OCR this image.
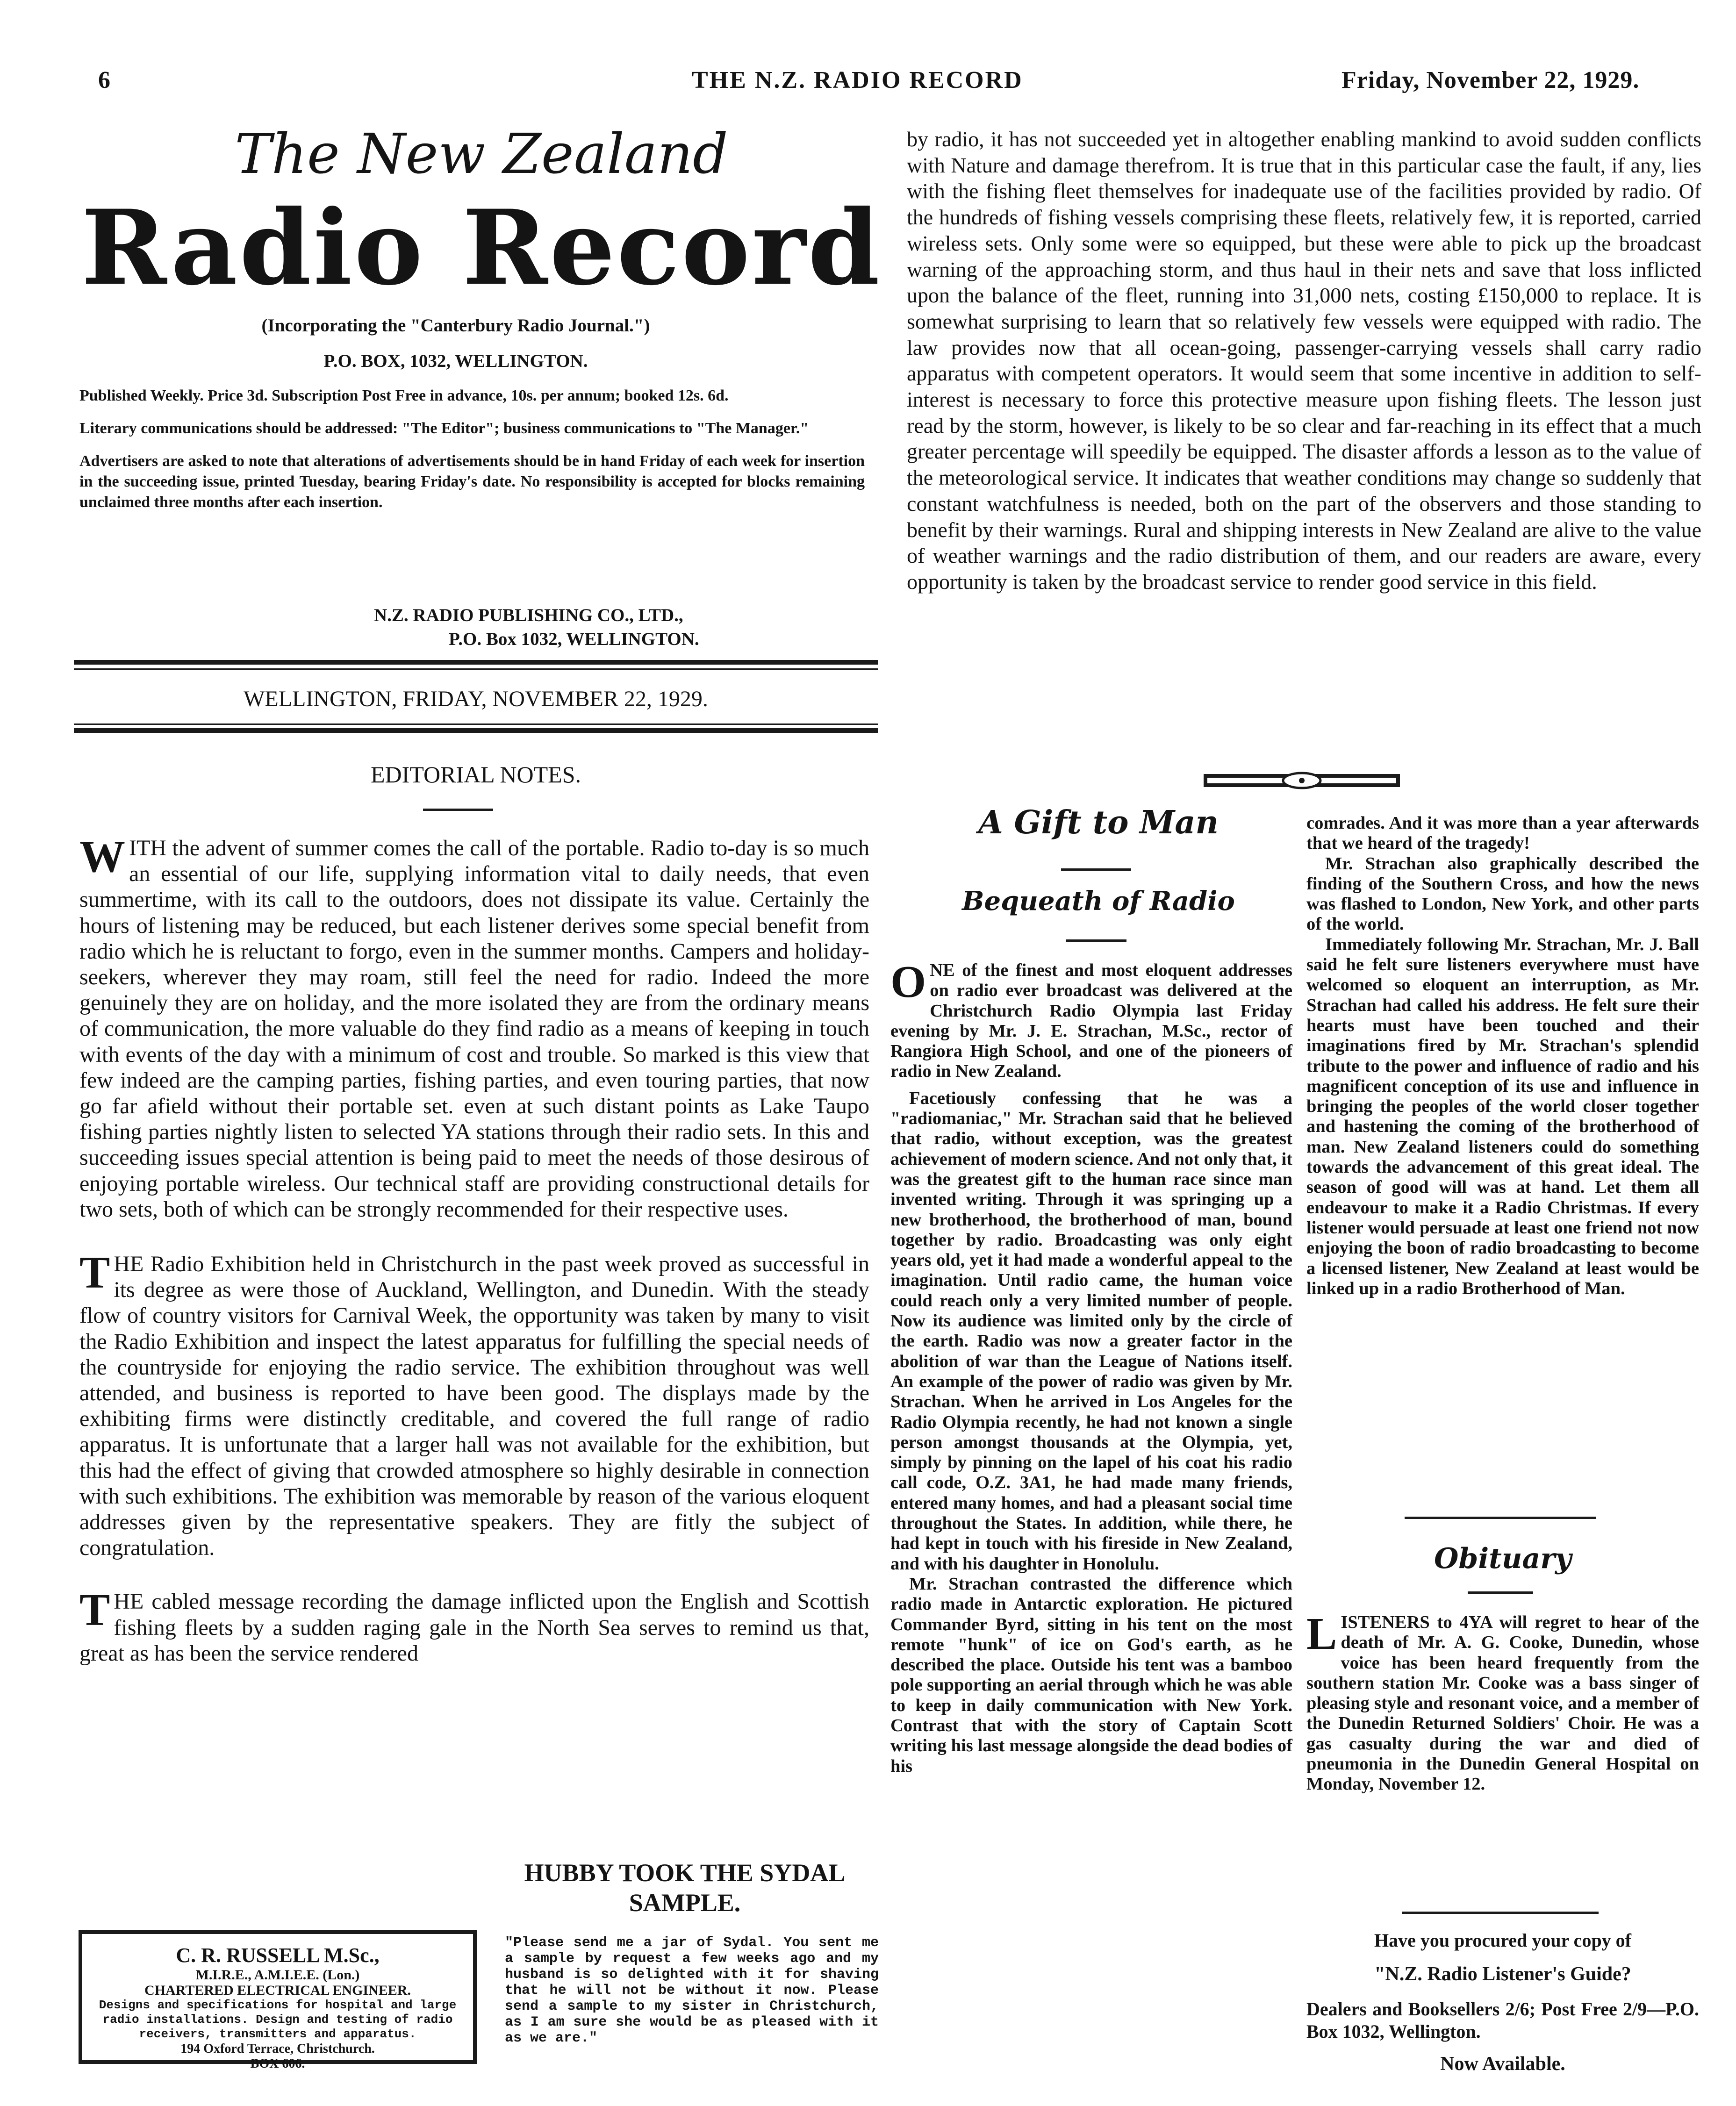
6	THE N.Z. RADIO RECORD	Friday, November 22, 1929.
The New Zealand
Radio Record
(Incorporating the "Canterbury Radio Journal.")
P.O. BOX, 1032, WELLINGTON.

Published Weekly. Price 3d. Subscription Post Free in advance, 10s. per annum; booked 12s. 6d.

Literary communications should be addressed: "The Editor"; business communications to "The Manager."

Advertisers are asked to note that alterations of advertisements should be in hand Friday of each week for insertion in the succeeding issue, printed Tuesday, bearing Friday's date. No responsibility is accepted for blocks remaining unclaimed three months after each insertion.

N.Z. RADIO PUBLISHING CO., LTD.,
P.O. Box 1032, WELLINGTON.
WELLINGTON, FRIDAY, NOVEMBER 22, 1929.
EDITORIAL NOTES.

WITH the advent of summer comes the call of the portable. Radio to-day is so much an essential of our life, supplying information vital to daily needs, that even summertime, with its call to the outdoors, does not dissipate its value. Certainly the hours of listening may be reduced, but each listener derives some special benefit from radio which he is reluctant to forgo, even in the summer months. Campers and holiday-seekers, wherever they may roam, still feel the need for radio. Indeed the more genuinely they are on holiday, and the more isolated they are from the ordinary means of communication, the more valuable do they find radio as a means of keeping in touch with events of the day with a minimum of cost and trouble. So marked is this view that few indeed are the camping parties, fishing parties, and even touring parties, that now go far afield without their portable set. even at such distant points as Lake Taupo fishing parties nightly listen to selected YA stations through their radio sets. In this and succeeding issues special attention is being paid to meet the needs of those desirous of enjoying portable wireless. Our technical staff are providing constructional details for two sets, both of which can be strongly recommended for their respective uses.

THE Radio Exhibition held in Christchurch in the past week proved as successful in its degree as were those of Auckland, Wellington, and Dunedin. With the steady flow of country visitors for Carnival Week, the opportunity was taken by many to visit the Radio Exhibition and inspect the latest apparatus for fulfilling the special needs of the countryside for enjoying the radio service. The exhibition throughout was well attended, and business is reported to have been good. The displays made by the exhibiting firms were distinctly creditable, and covered the full range of radio apparatus. It is unfortunate that a larger hall was not available for the exhibition, but this had the effect of giving that crowded atmosphere so highly desirable in connection with such exhibitions. The exhibition was memorable by reason of the various eloquent addresses given by the representative speakers. They are fitly the subject of congratulation.

THE cabled message recording the damage inflicted upon the English and Scottish fishing fleets by a sudden raging gale in the North Sea serves to remind us that, great as has been the service rendered

by radio, it has not succeeded yet in altogether enabling mankind to avoid sudden conflicts with Nature and damage therefrom. It is true that in this particular case the fault, if any, lies with the fishing fleet themselves for inadequate use of the facilities provided by radio. Of the hundreds of fishing vessels comprising these fleets, relatively few, it is reported, carried wireless sets. Only some were so equipped, but these were able to pick up the broadcast warning of the approaching storm, and thus haul in their nets and save that loss inflicted upon the balance of the fleet, running into 31,000 nets, costing £150,000 to replace. It is somewhat surprising to learn that so relatively few vessels were equipped with radio. The law provides now that all ocean-going, passenger-carrying vessels shall carry radio apparatus with competent operators. It would seem that some incentive in addition to self-interest is necessary to force this protective measure upon fishing fleets. The lesson just read by the storm, however, is likely to be so clear and far-reaching in its effect that a much greater percentage will speedily be equipped. The disaster affords a lesson as to the value of the meteorological service. It indicates that weather conditions may change so suddenly that constant watchfulness is needed, both on the part of the observers and those standing to benefit by their warnings. Rural and shipping interests in New Zealand are alive to the value of weather warnings and the radio distribution of them, and our readers are aware, every opportunity is taken by the broadcast service to render good service in this field.
A Gift to Man
Bequeath of Radio

ONE of the finest and most eloquent addresses on radio ever broadcast was delivered at the Christchurch Radio Olympia last Friday evening by Mr. J. E. Strachan, M.Sc., rector of Rangiora High School, and one of the pioneers of radio in New Zealand.

Facetiously confessing that he was a "radiomaniac," Mr. Strachan said that he believed that radio, without exception, was the greatest achievement of modern science. And not only that, it was the greatest gift to the human race since man invented writing. Through it was springing up a new brotherhood, the brotherhood of man, bound together by radio. Broadcasting was only eight years old, yet it had made a wonderful appeal to the imagination. Until radio came, the human voice could reach only a very limited number of people. Now its audience was limited only by the circle of the earth. Radio was now a greater factor in the abolition of war than the League of Nations itself. An example of the power of radio was given by Mr. Strachan. When he arrived in Los Angeles for the Radio Olympia recently, he had not known a single person amongst thousands at the Olympia, yet, simply by pinning on the lapel of his coat his radio call code, O.Z. 3A1, he had made many friends, entered many homes, and had a pleasant social time throughout the States. In addition, while there, he had kept in touch with his fireside in New Zealand, and with his daughter in Honolulu.

Mr. Strachan contrasted the difference which radio made in Antarctic exploration. He pictured Commander Byrd, sitting in his tent on the most remote "hunk" of ice on God's earth, as he described the place. Outside his tent was a bamboo pole supporting an aerial through which he was able to keep in daily communication with New York. Contrast that with the story of Captain Scott writing his last message alongside the dead bodies of his

comrades. And it was more than a year afterwards that we heard of the tragedy!

Mr. Strachan also graphically described the finding of the Southern Cross, and how the news was flashed to London, New York, and other parts of the world.

Immediately following Mr. Strachan, Mr. J. Ball said he felt sure listeners everywhere must have welcomed so eloquent an interruption, as Mr. Strachan had called his address. He felt sure their hearts must have been touched and their imaginations fired by Mr. Strachan's splendid tribute to the power and influence of radio and his magnificent conception of its use and influence in bringing the peoples of the world closer together and hastening the coming of the brotherhood of man. New Zealand listeners could do something towards the advancement of this great ideal. The season of good will was at hand. Let them all endeavour to make it a Radio Christmas. If every listener would persuade at least one friend not now enjoying the boon of radio broadcasting to become a licensed listener, New Zealand at least would be linked up in a radio Brotherhood of Man.

Obituary

LISTENERS to 4YA will regret to hear of the death of Mr. A. G. Cooke, Dunedin, whose voice has been heard frequently from the southern station Mr. Cooke was a bass singer of pleasing style and resonant voice, and a member of the Dunedin Returned Soldiers' Choir. He was a gas casualty during the war and died of pneumonia in the Dunedin General Hospital on Monday, November 12.

Have you procured your copy of
"N.Z. Radio Listener's Guide?
Dealers and Booksellers 2/6; Post Free 2/9—P.O. Box 1032, Wellington.
Now Available.
C. R. RUSSELL M.Sc.,
M.I.R.E., A.M.I.E.E. (Lon.)
CHARTERED ELECTRICAL ENGINEER.
Designs and specifications for hospital and large radio installations. Design and testing of radio receivers, transmitters and apparatus.
194 Oxford Terrace, Christchurch.
BOX 606.
HUBBY TOOK THE SYDAL SAMPLE.
"Please send me a jar of Sydal. You sent me a sample by request a few weeks ago and my husband is so delighted with it for shaving that he will not be without it now. Please send a sample to my sister in Christchurch, as I am sure she would be as pleased with it as we are."
